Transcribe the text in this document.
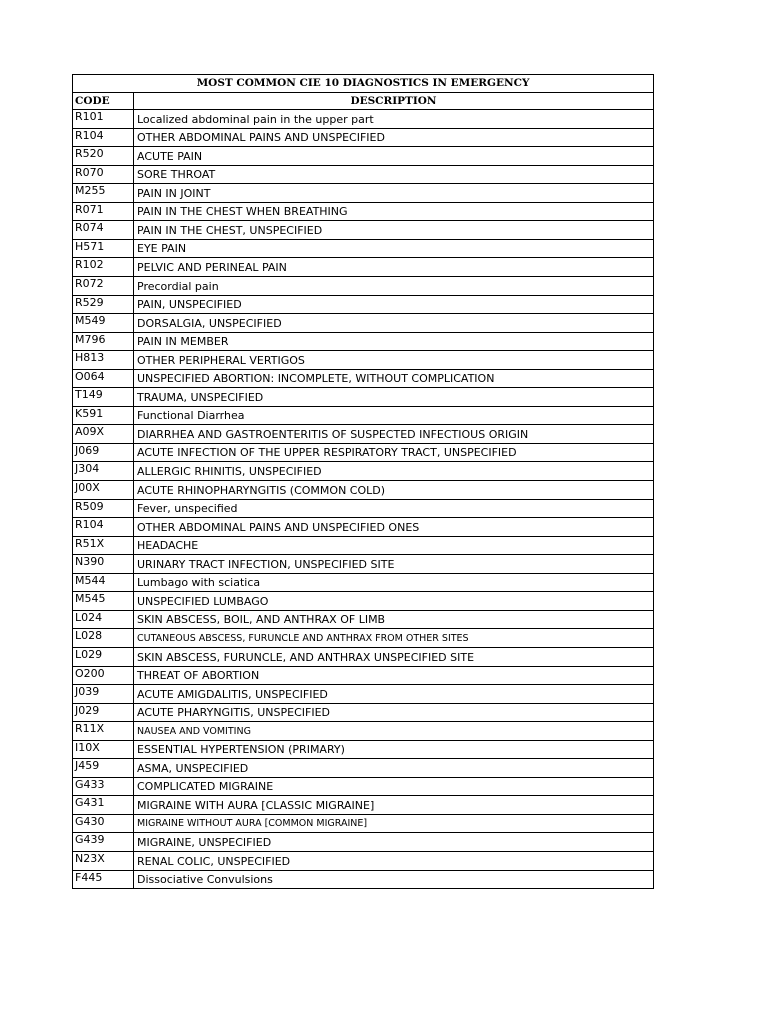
MOST COMMON CIE 10 DIAGNOSTICS IN EMERGENCY	
CODE	DESCRIPTION
R101	Localized abdominal pain in the upper part
R104	OTHER ABDOMINAL PAINS AND UNSPECIFIED
R520	ACUTE PAIN
R070	SORE THROAT
M255	PAIN IN JOINT
R071	PAIN IN THE CHEST WHEN BREATHING
R074	PAIN IN THE CHEST, UNSPECIFIED
H571	EYE PAIN
R102	PELVIC AND PERINEAL PAIN
R072	Precordial pain
R529	PAIN, UNSPECIFIED
M549	DORSALGIA, UNSPECIFIED
M796	PAIN IN MEMBER
H813	OTHER PERIPHERAL VERTIGOS
O064	UNSPECIFIED ABORTION: INCOMPLETE, WITHOUT COMPLICATION
T149	TRAUMA, UNSPECIFIED
K591	Functional Diarrhea
A09X	DIARRHEA AND GASTROENTERITIS OF SUSPECTED INFECTIOUS ORIGIN
J069	ACUTE INFECTION OF THE UPPER RESPIRATORY TRACT, UNSPECIFIED
J304	ALLERGIC RHINITIS, UNSPECIFIED
J00X	ACUTE RHINOPHARYNGITIS (COMMON COLD)
R509	Fever, unspecified
R104	OTHER ABDOMINAL PAINS AND UNSPECIFIED ONES
R51X	HEADACHE
N390	URINARY TRACT INFECTION, UNSPECIFIED SITE
M544	Lumbago with sciatica
M545	UNSPECIFIED LUMBAGO
L024	SKIN ABSCESS, BOIL, AND ANTHRAX OF LIMB
L028	CUTANEOUS ABSCESS, FURUNCLE AND ANTHRAX FROM OTHER SITES
L029	SKIN ABSCESS, FURUNCLE, AND ANTHRAX UNSPECIFIED SITE
O200	THREAT OF ABORTION
J039	ACUTE AMIGDALITIS, UNSPECIFIED
J029	ACUTE PHARYNGITIS, UNSPECIFIED
R11X	NAUSEA AND VOMITING
I10X	ESSENTIAL HYPERTENSION (PRIMARY)
J459	ASMA, UNSPECIFIED
G433	COMPLICATED MIGRAINE
G431	MIGRAINE WITH AURA [CLASSIC MIGRAINE]
G430	MIGRAINE WITHOUT AURA [COMMON MIGRAINE]
G439	MIGRAINE, UNSPECIFIED
N23X	RENAL COLIC, UNSPECIFIED
F445	Dissociative Convulsions
